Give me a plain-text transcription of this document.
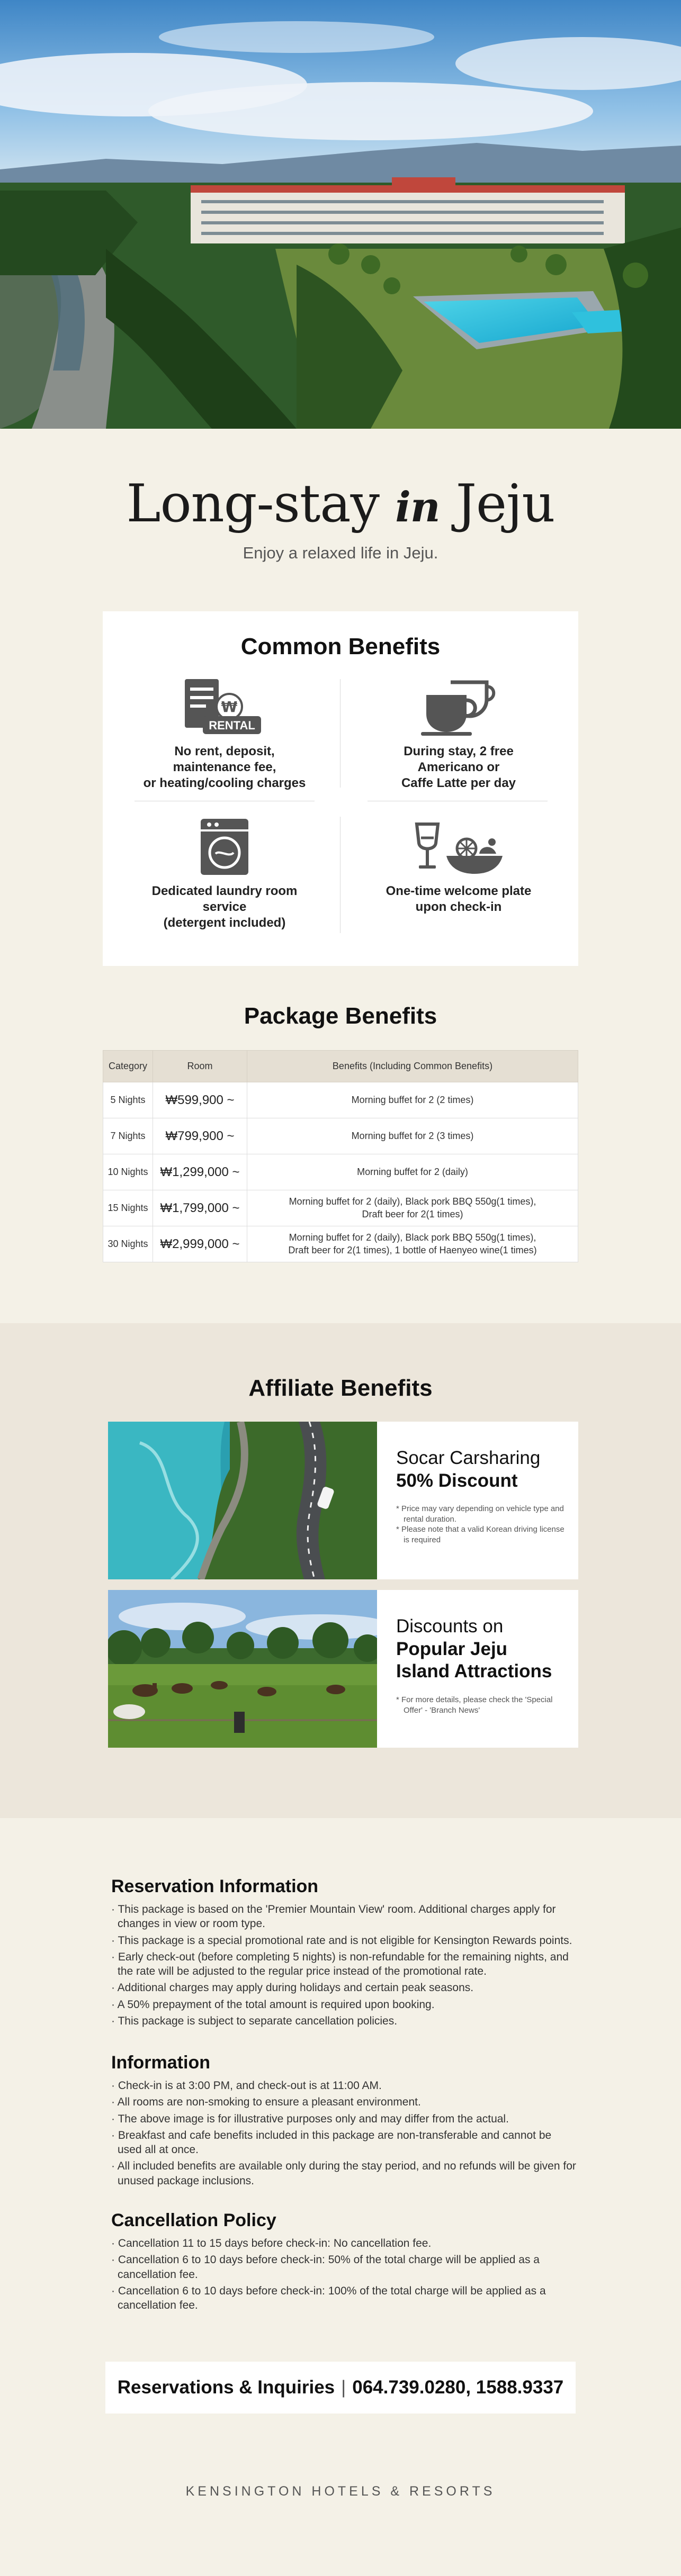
Long-stay in Jeju
Enjoy a relaxed life in Jeju.
Common Benefits
₩
RENTAL
No rent, deposit,
maintenance fee,
or heating/cooling charges
During stay, 2 free
Americano or
Caffe Latte per day
Dedicated laundry room
service
(detergent included)
One-time welcome plate
upon check-in
Package Benefits
Category	Room	Benefits (Including Common Benefits)
5 Nights	₩599,900 ~	Morning buffet for 2 (2 times)
7 Nights	₩799,900 ~	Morning buffet for 2 (3 times)
10 Nights	₩1,299,000 ~	Morning buffet for 2 (daily)
15 Nights	₩1,799,000 ~	Morning buffet for 2 (daily), Black pork BBQ 550g(1 times),
Draft beer for 2(1 times)
30 Nights	₩2,999,000 ~	Morning buffet for 2 (daily), Black pork BBQ 550g(1 times),
Draft beer for 2(1 times), 1 bottle of Haenyeo wine(1 times)
Affiliate Benefits
Socar Carsharing
50% Discount
* Price may vary depending on vehicle type and rental duration.
* Please note that a valid Korean driving license is required
Discounts on
Popular Jeju Island Attractions
* For more details, please check the 'Special Offer' - 'Branch News'
Reservation Information
· This package is based on the 'Premier Mountain View' room. Additional charges apply for changes in view or room type.
· This package is a special promotional rate and is not eligible for Kensington Rewards points.
· Early check-out (before completing 5 nights) is non-refundable for the remaining nights, and the rate will be adjusted to the regular price instead of the promotional rate.
· Additional charges may apply during holidays and certain peak seasons.
· A 50% prepayment of the total amount is required upon booking.
· This package is subject to separate cancellation policies.
Information
· Check-in is at 3:00 PM, and check-out is at 11:00 AM.
· All rooms are non-smoking to ensure a pleasant environment.
· The above image is for illustrative purposes only and may differ from the actual.
· Breakfast and cafe benefits included in this package are non-transferable and cannot be used all at once.
· All included benefits are available only during the stay period, and no refunds will be given for unused package inclusions.
Cancellation Policy
· Cancellation 11 to 15 days before check-in: No cancellation fee.
· Cancellation 6 to 10 days before check-in: 50% of the total charge will be applied as a cancellation fee.
· Cancellation 6 to 10 days before check-in: 100% of the total charge will be applied as a cancellation fee.
Reservations & Inquiries | 064.739.0280, 1588.9337
KENSINGTON HOTELS & RESORTS
